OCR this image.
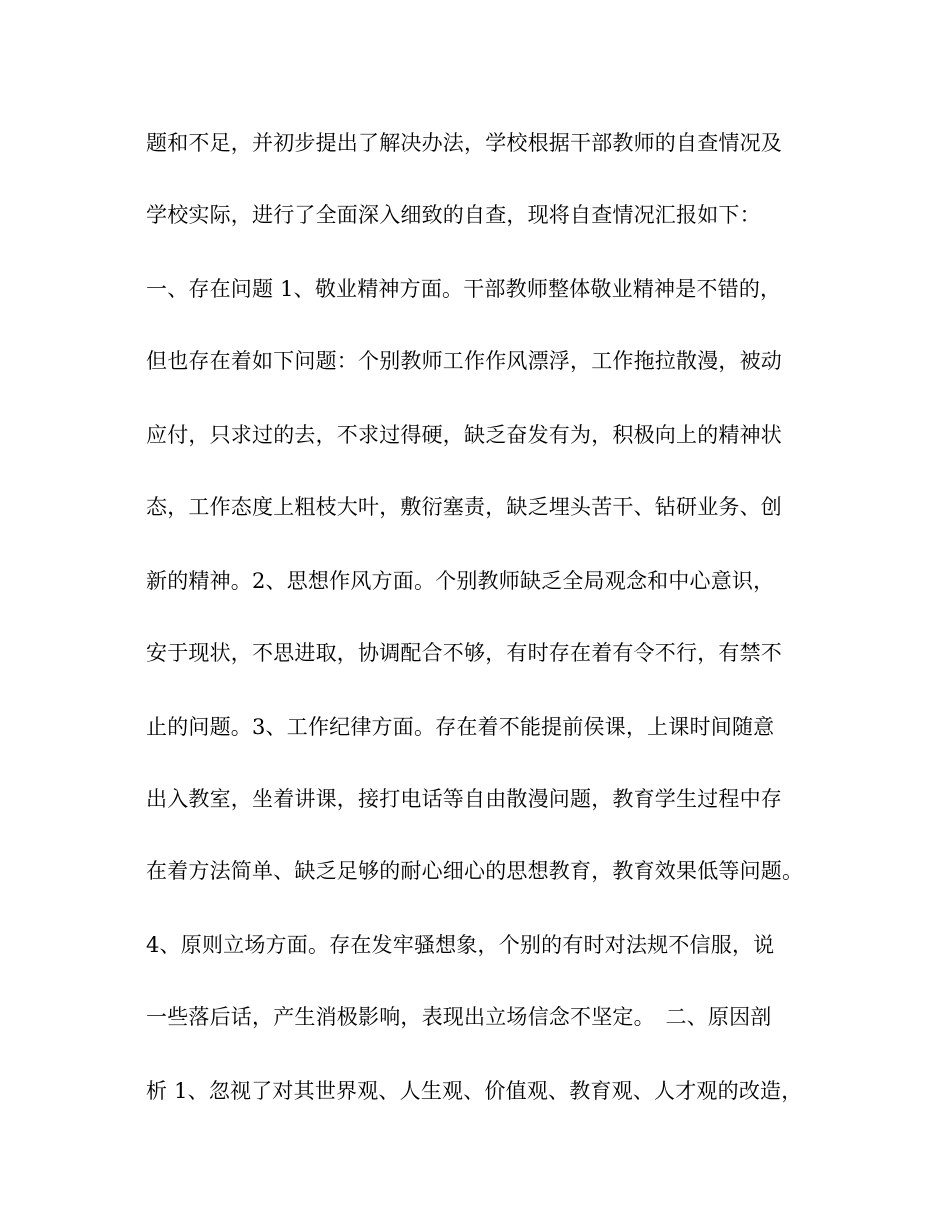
题和不足，并初步提出了解决办法，学校根据干部教师的自查情况及
学校实际，进行了全面深入细致的自查，现将自查情况汇报如下：
一、存在问题 1、敬业精神方面。干部教师整体敬业精神是不错的，
但也存在着如下问题：个别教师工作作风漂浮，工作拖拉散漫，被动
应付，只求过的去，不求过得硬，缺乏奋发有为，积极向上的精神状
态，工作态度上粗枝大叶，敷衍塞责，缺乏埋头苦干、钻研业务、创
新的精神。2、思想作风方面。个别教师缺乏全局观念和中心意识，
安于现状，不思进取，协调配合不够，有时存在着有令不行，有禁不
止的问题。3、工作纪律方面。存在着不能提前侯课，上课时间随意
出入教室，坐着讲课，接打电话等自由散漫问题，教育学生过程中存
在着方法简单、缺乏足够的耐心细心的思想教育，教育效果低等问题。
4、原则立场方面。存在发牢骚想象，个别的有时对法规不信服，说
一些落后话，产生消极影响，表现出立场信念不坚定。　二、原因剖
析 1、忽视了对其世界观、人生观、价值观、教育观、人才观的改造，
